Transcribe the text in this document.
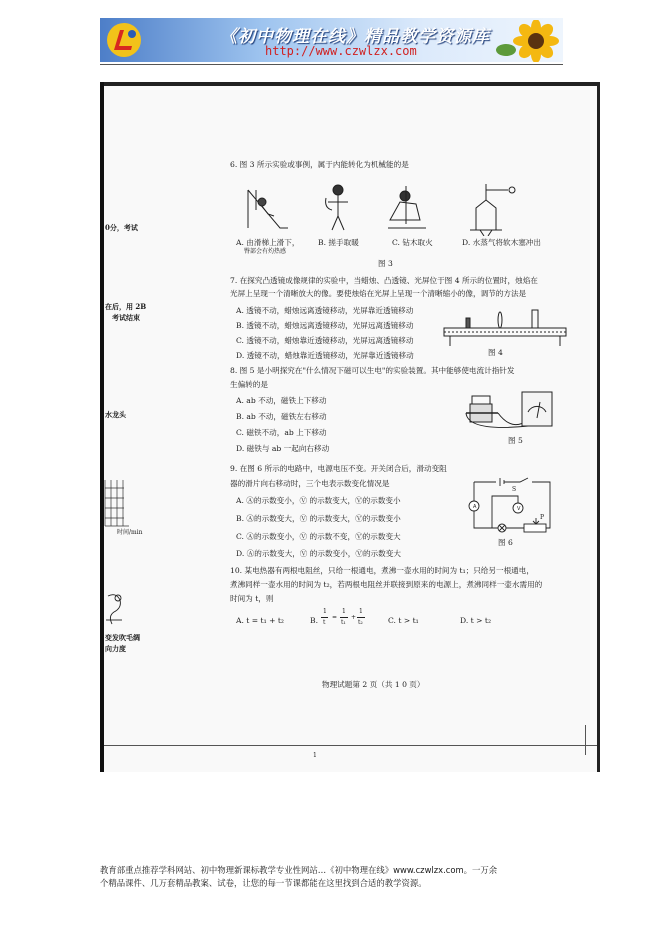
《初中物理在线》精品教学资源库
http://www.czwlzx.com
0分，考试
在后，用 2B
考试结束
水龙头
时间/min
变发吹毛绸
向力度
6. 图 3 所示实验或事例，属于内能转化为机械能的是
A. 由滑梯上滑下，
臀部会有灼热感
B. 搓手取暖	C. 钻木取火	D. 水蒸气将软木塞冲出
图 3
7. 在探究凸透镜成像规律的实验中，当蜡烛、凸透镜、光屏位于图 4 所示的位置时，烛焰在
光屏上呈现一个清晰放大的像。要使烛焰在光屏上呈现一个清晰缩小的像，调节的方法是
A. 透镜不动，蜡烛远离透镜移动，光屏靠近透镜移动
B. 透镜不动，蜡烛远离透镜移动，光屏远离透镜移动
C. 透镜不动，蜡烛靠近透镜移动，光屏远离透镜移动
D. 透镜不动，蜡烛靠近透镜移动，光屏靠近透镜移动	图 4
8. 图 5 是小明探究在"什么情况下磁可以生电"的实验装置。其中能够使电流计指针发
生偏转的是
A. ab 不动，磁铁上下移动
B. ab 不动，磁铁左右移动
C. 磁铁不动，ab 上下移动
D. 磁铁与 ab 一起向右移动
图 5
9. 在图 6 所示的电路中，电源电压不变。开关闭合后，滑动变阻
器的滑片向右移动时，三个电表示数变化情况是
A. Ⓐ的示数变小，Ⓥ 的示数变大，Ⓥ的示数变小
B. Ⓐ的示数变大，Ⓥ 的示数变大，Ⓥ的示数变小
C. Ⓐ的示数变小，Ⓥ 的示数不变，Ⓥ的示数变大
D. Ⓐ的示数变大，Ⓥ 的示数变小，Ⓥ的示数变大
A	V
S
P
图 6
10. 某电热器有两根电阻丝，只给一根通电，煮沸一壶水用的时间为 t₁；只给另一根通电，
煮沸同样一壶水用的时间为 t₂，若两根电阻丝并联接到原来的电源上，煮沸同样一壶水需用的
时间为 t，则
A. t = t₁ + t₂	B.
1
t
=
1
t₁
+
1
t₂	C. t > t₁	D. t > t₂
物理试题第 2 页（共 1 0 页）
1
教育部重点推荐学科网站、初中物理新课标教学专业性网站…《初中物理在线》www.czwlzx.com。一万余
个精品课件、几万套精品教案、试卷，让您的每一节课都能在这里找到合适的教学资源。
